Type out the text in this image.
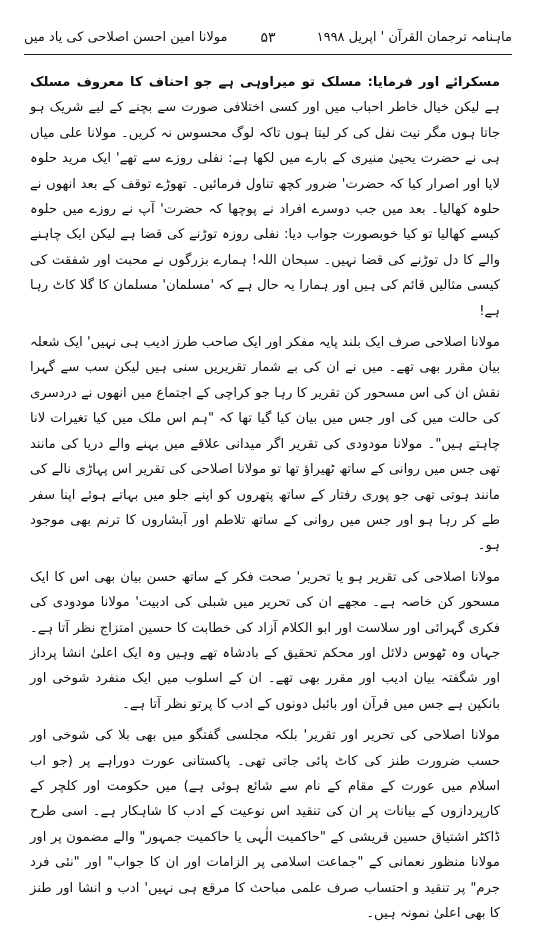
ماہنامہ ترجمان القرآن ' اپریل ۱۹۹۸
۵۳
مولانا امین احسن اصلاحی کی یاد میں

مسکرائے اور فرمایا: مسلک تو میراوہی ہے جو احناف کا معروف مسلک ہے لیکن خیال خاطر احباب میں اور کسی اختلافی صورت سے بچنے کے لیے شریک ہو جاتا ہوں مگر نیت نفل کی کر لیتا ہوں تاکہ لوگ محسوس نہ کریں۔ مولانا علی میاں ہی نے حضرت یحییٰ منیری کے بارے میں لکھا ہے: نفلی روزے سے تھے' ایک مرید حلوہ لایا اور اصرار کیا کہ حضرت' ضرور کچھ تناول فرمائیں۔ تھوڑے توقف کے بعد انھوں نے حلوہ کھالیا۔ بعد میں جب دوسرے افراد نے پوچھا کہ حضرت' آپ نے روزے میں حلوہ کیسے کھالیا تو کیا خوبصورت جواب دیا: نفلی روزہ توڑنے کی قضا ہے لیکن ایک چاہنے والے کا دل توڑنے کی قضا نہیں۔ سبحان اللہ! ہمارے بزرگوں نے محبت اور شفقت کی کیسی مثالیں قائم کی ہیں اور ہمارا یہ حال ہے کہ 'مسلمان' مسلمان کا گلا کاٹ رہا ہے!

مولانا اصلاحی صرف ایک بلند پایہ مفکر اور ایک صاحب طرز ادیب ہی نہیں' ایک شعلہ بیان مقرر بھی تھے۔ میں نے ان کی بے شمار تقریریں سنی ہیں لیکن سب سے گہرا نقش ان کی اس مسحور کن تقریر کا رہا جو کراچی کے اجتماع میں انھوں نے دردسری کی حالت میں کی اور جس میں بیان کیا گیا تھا کہ "ہم اس ملک میں کیا تغیرات لانا چاہتے ہیں"۔ مولانا مودودی کی تقریر اگر میدانی علاقے میں بہنے والے دریا کی مانند تھی جس میں روانی کے ساتھ ٹھیراؤ تھا تو مولانا اصلاحی کی تقریر اس پہاڑی نالے کی مانند ہوتی تھی جو پوری رفتار کے ساتھ پتھروں کو اپنے جلو میں بہاتے ہوئے اپنا سفر طے کر رہا ہو اور جس میں روانی کے ساتھ تلاطم اور آبشاروں کا ترنم بھی موجود ہو۔

مولانا اصلاحی کی تقریر ہو یا تحریر' صحت فکر کے ساتھ حسن بیان بھی اس کا ایک مسحور کن خاصہ ہے۔ مجھے ان کی تحریر میں شبلی کی ادبیت' مولانا مودودی کی فکری گہرائی اور سلاست اور ابو الکلام آزاد کی خطابت کا حسین امتزاج نظر آتا ہے۔ جہاں وہ ٹھوس دلائل اور محکم تحقیق کے بادشاہ تھے وہیں وہ ایک اعلیٰ انشا پرداز اور شگفتہ بیان ادیب اور مقرر بھی تھے۔ ان کے اسلوب میں ایک منفرد شوخی اور بانکپن ہے جس میں قرآن اور بائبل دونوں کے ادب کا پرتو نظر آتا ہے۔

مولانا اصلاحی کی تحریر اور تقریر' بلکہ مجلسی گفتگو میں بھی بلا کی شوخی اور حسب ضرورت طنز کی کاٹ پائی جاتی تھی۔ پاکستانی عورت دوراہے پر (جو اب اسلام میں عورت کے مقام کے نام سے شائع ہوئی ہے) میں حکومت اور کلچر کے کارپردازوں کے بیانات پر ان کی تنقید اس نوعیت کے ادب کا شاہکار ہے۔ اسی طرح ڈاکٹر اشتیاق حسین قریشی کے "حاکمیت الٰہی یا حاکمیت جمہور" والے مضمون پر اور مولانا منظور نعمانی کے "جماعت اسلامی پر الزامات اور ان کا جواب" اور "نئی فرد جرم" پر تنقید و احتساب صرف علمی مباحث کا مرقع ہی نہیں' ادب و انشا اور طنز کا بھی اعلیٰ نمونہ ہیں۔
